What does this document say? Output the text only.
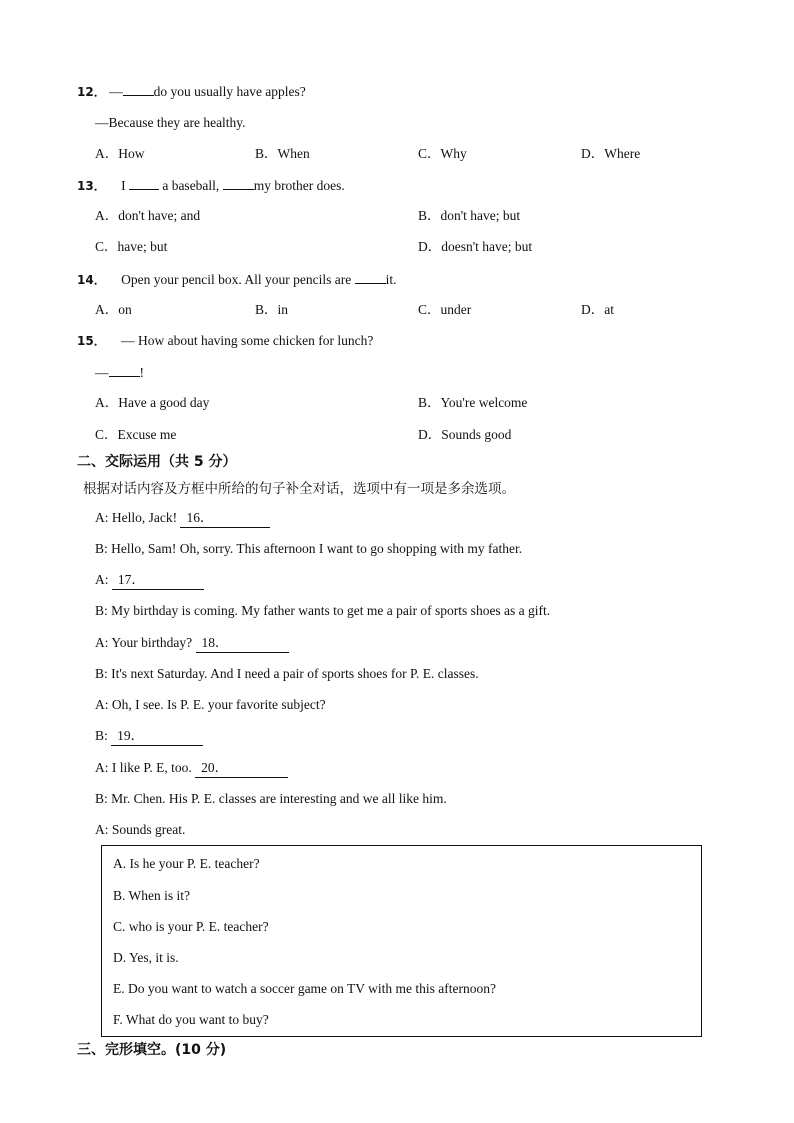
12． — do you usually have apples?
—Because they are healthy.
A．How	B．When	C．Why	D．Where
13． I  a baseball, my brother does.
A．don't have; and	B．don't have; but
C．have; but	D．doesn't have; but
14． Open your pencil box. All your pencils are it.
A．on	B．in	C．under	D．at
15． — How about having some chicken for lunch?
— !
A．Have a good day	B．You're welcome
C．Excuse me	D．Sounds good
二、交际运用（共 5 分）
根据对话内容及方框中所给的句子补全对话，选项中有一项是多余选项。
A: Hello, Jack! 16．
B: Hello, Sam! Oh, sorry. This afternoon I want to go shopping with my father.
A: 17．
B: My birthday is coming. My father wants to get me a pair of sports shoes as a gift.
A: Your birthday? 18．
B: It's next Saturday. And I need a pair of sports shoes for P. E. classes.
A: Oh, I see. Is P. E. your favorite subject?
B: 19．
A: I like P. E, too. 20．
B: Mr. Chen. His P. E. classes are interesting and we all like him.
A: Sounds great.
A. Is he your P. E. teacher?
B. When is it?
C. who is your P. E. teacher?
D. Yes, it is.
E. Do you want to watch a soccer game on TV with me this afternoon?
F. What do you want to buy?
三、完形填空。(10 分)
